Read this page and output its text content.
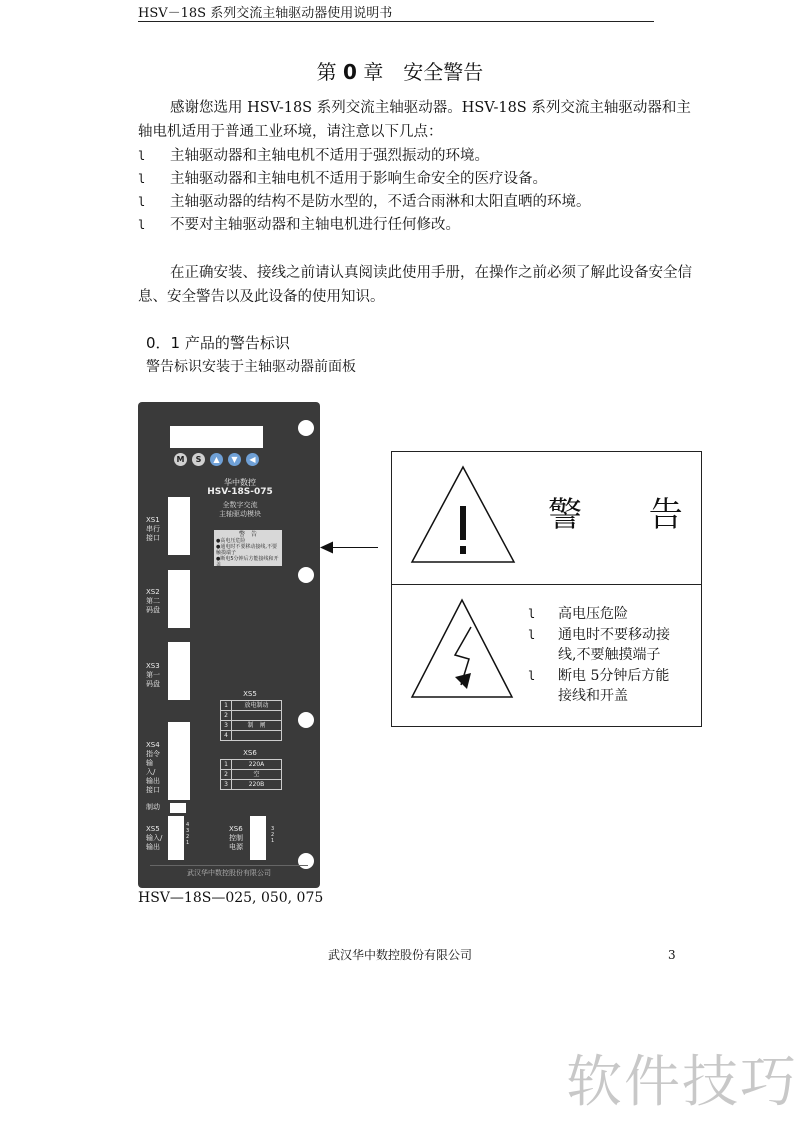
HSV－18S 系列交流主轴驱动器使用说明书
第 0 章　安全警告
感谢您选用 HSV-18S 系列交流主轴驱动器。HSV-18S 系列交流主轴驱动器和主轴电机适用于普通工业环境，请注意以下几点：
l 主轴驱动器和主轴电机不适用于强烈振动的环境。
l 主轴驱动器和主轴电机不适用于影响生命安全的医疗设备。
l 主轴驱动器的结构不是防水型的，不适合雨淋和太阳直晒的环境。
l 不要对主轴驱动器和主轴电机进行任何修改。
在正确安装、接线之前请认真阅读此使用手册，在操作之前必须了解此设备安全信息、安全警告以及此设备的使用知识。
0．1 产品的警告标识
警告标识安装于主轴驱动器前面板
M	S	▲	▼	◀
华中数控
HSV-18S-075
全数字交流
主轴驱动模块
警　告
●高电压危险
●通电时不要移动接线,不要触摸端子
●断电5分钟后方能接线和开盖
XS1
串行接口
XS2
第二码盘
XS3
第一码盘
XS4
指令输入/输出接口
制动
XS5
输入/输出
XS6
控制电源
4 3 2 1
3 2 1
XS5
1	放电制动
2
3	制　闸
4
XS6
1	220A
2	空
3	220B
武汉华中数控股份有限公司
HSV—18S—025, 050, 075
警 告
l 高电压危险
l 通电时不要移动接
线,不要触摸端子
l 断电 5分钟后方能
接线和开盖
武汉华中数控股份有限公司	3
软件技巧
